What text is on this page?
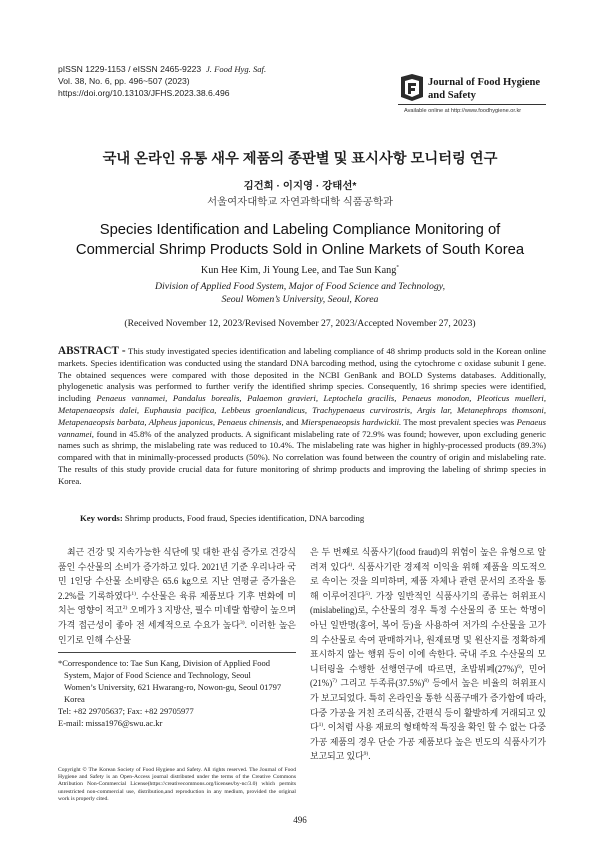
pISSN 1229-1153 / eISSN 2465-9223 J. Food Hyg. Saf.
Vol. 38, No. 6, pp. 496~507 (2023)
https://doi.org/10.13103/JFHS.2023.38.6.496
Journal of Food Hygiene
and Safety
Available online at http://www.foodhygiene.or.kr
국내 온라인 유통 새우 제품의 종판별 및 표시사항 모니터링 연구
김건희 · 이지영 · 강태선*
서울여자대학교 자연과학대학 식품공학과
Species Identification and Labeling Compliance Monitoring of Commercial Shrimp Products Sold in Online Markets of South Korea
Kun Hee Kim, Ji Young Lee, and Tae Sun Kang*
Division of Applied Food System, Major of Food Science and Technology,
Seoul Women’s University, Seoul, Korea
(Received November 12, 2023/Revised November 27, 2023/Accepted November 27, 2023)
ABSTRACT - This study investigated species identification and labeling compliance of 48 shrimp products sold in the Korean online markets. Species identification was conducted using the standard DNA barcoding method, using the cytochrome c oxidase subunit I gene. The obtained sequences were compared with those deposited in the NCBI GenBank and BOLD Systems databases. Additionally, phylogenetic analysis was performed to further verify the identified shrimp species. Consequently, 16 shrimp species were identified, including Penaeus vannamei, Pandalus borealis, Palaemon gravieri, Leptochela gracilis, Penaeus monodon, Pleoticus muelleri, Metapenaeopsis dalei, Euphausia pacifica, Lebbeus groenlandicus, Trachypenaeus curvirostris, Argis lar, Metanephrops thomsoni, Metapenaeopsis barbata, Alpheus japonicus, Penaeus chinensis, and Mierspenaeopsis hardwickii. The most prevalent species was Penaeus vannamei, found in 45.8% of the analyzed products. A significant mislabeling rate of 72.9% was found; however, upon excluding generic names such as shrimp, the mislabeling rate was reduced to 10.4%. The mislabeling rate was higher in highly-processed products (89.3%) compared with that in minimally-processed products (50%). No correlation was found between the country of origin and mislabeling rate. The results of this study provide crucial data for future monitoring of shrimp products and improving the labeling of shrimp species in Korea.
Key words: Shrimp products, Food fraud, Species identification, DNA barcoding
최근 건강 및 지속가능한 식단에 및 대한 관심 증가로 건강식품인 수산물의 소비가 증가하고 있다. 2021년 기준 우리나라 국민 1인당 수산물 소비량은 65.6 kg으로 지난 연평균 증가율은 2.2%를 기록하였다$^{1)}$. 수산물은 육류 제품보다 기후 변화에 미치는 영향이 적고$^{2)}$ 오메가 3 지방산, 필수 미네랄 함량이 높으며 가격 접근성이 좋아 전 세계적으로 수요가 높다$^{3)}$. 이러한 높은 인기로 인해 수산물
은 두 번째로 식품사기(food fraud)의 위험이 높은 유형으로 알려져 있다$^{4)}$. 식품사기란 경제적 이익을 위해 제품을 의도적으로 속이는 것을 의미하며, 제품 자체나 관련 문서의 조작을 통해 이루어진다$^{5)}$. 가장 일반적인 식품사기의 종류는 허위표시(mislabeling)로, 수산물의 경우 특정 수산물의 종 또는 학명이 아닌 일반명(홍어, 복어 등)을 사용하여 저가의 수산물을 고가의 수산물로 속여 판매하거나, 원재료명 및 원산지를 정확하게 표시하지 않는 행위 등이 이에 속한다. 국내 주요 수산물의 모니터링을 수행한 선행연구에 따르면, 초밥뷔페$(27\%)^{6)}$, 민어$(21\%)^{7)}$ 그리고 두족류$(37.5\%)^{8)}$ 등에서 높은 비율의 허위표시가 보고되었다. 특히 온라인을 통한 식품구매가 증가함에 따라, 다중 가공을 거친 조리식품, 간편식 등이 활발하게 거래되고 있다$^{1)}$. 이처럼 사용 재료의 형태학적 특징을 확인 할 수 없는 다중 가공 제품의 경우 단순 가공 제품보다 높은 빈도의 식품사기가 보고되고 있다$^{9)}$.
*Correspondence to: Tae Sun Kang, Division of Applied Food
System, Major of Food Science and Technology, Seoul
Women’s University, 621 Hwarang-ro, Nowon-gu, Seoul 01797
Korea
Tel: +82 29705637; Fax: +82 29705977
E-mail: missa1976@swu.ac.kr
Copyright © The Korean Society of Food Hygiene and Safety. All rights reserved. The Journal of Food Hygiene and Safety is an Open-Access journal distributed under the terms of the Creative Commons Attribution Non-Commercial License(https://creativecommons.org/licenses/by-nc/3.0) which permits unrestricted non-commercial use, distribution,and reproduction in any medium, provided the original work is properly cited.
496
